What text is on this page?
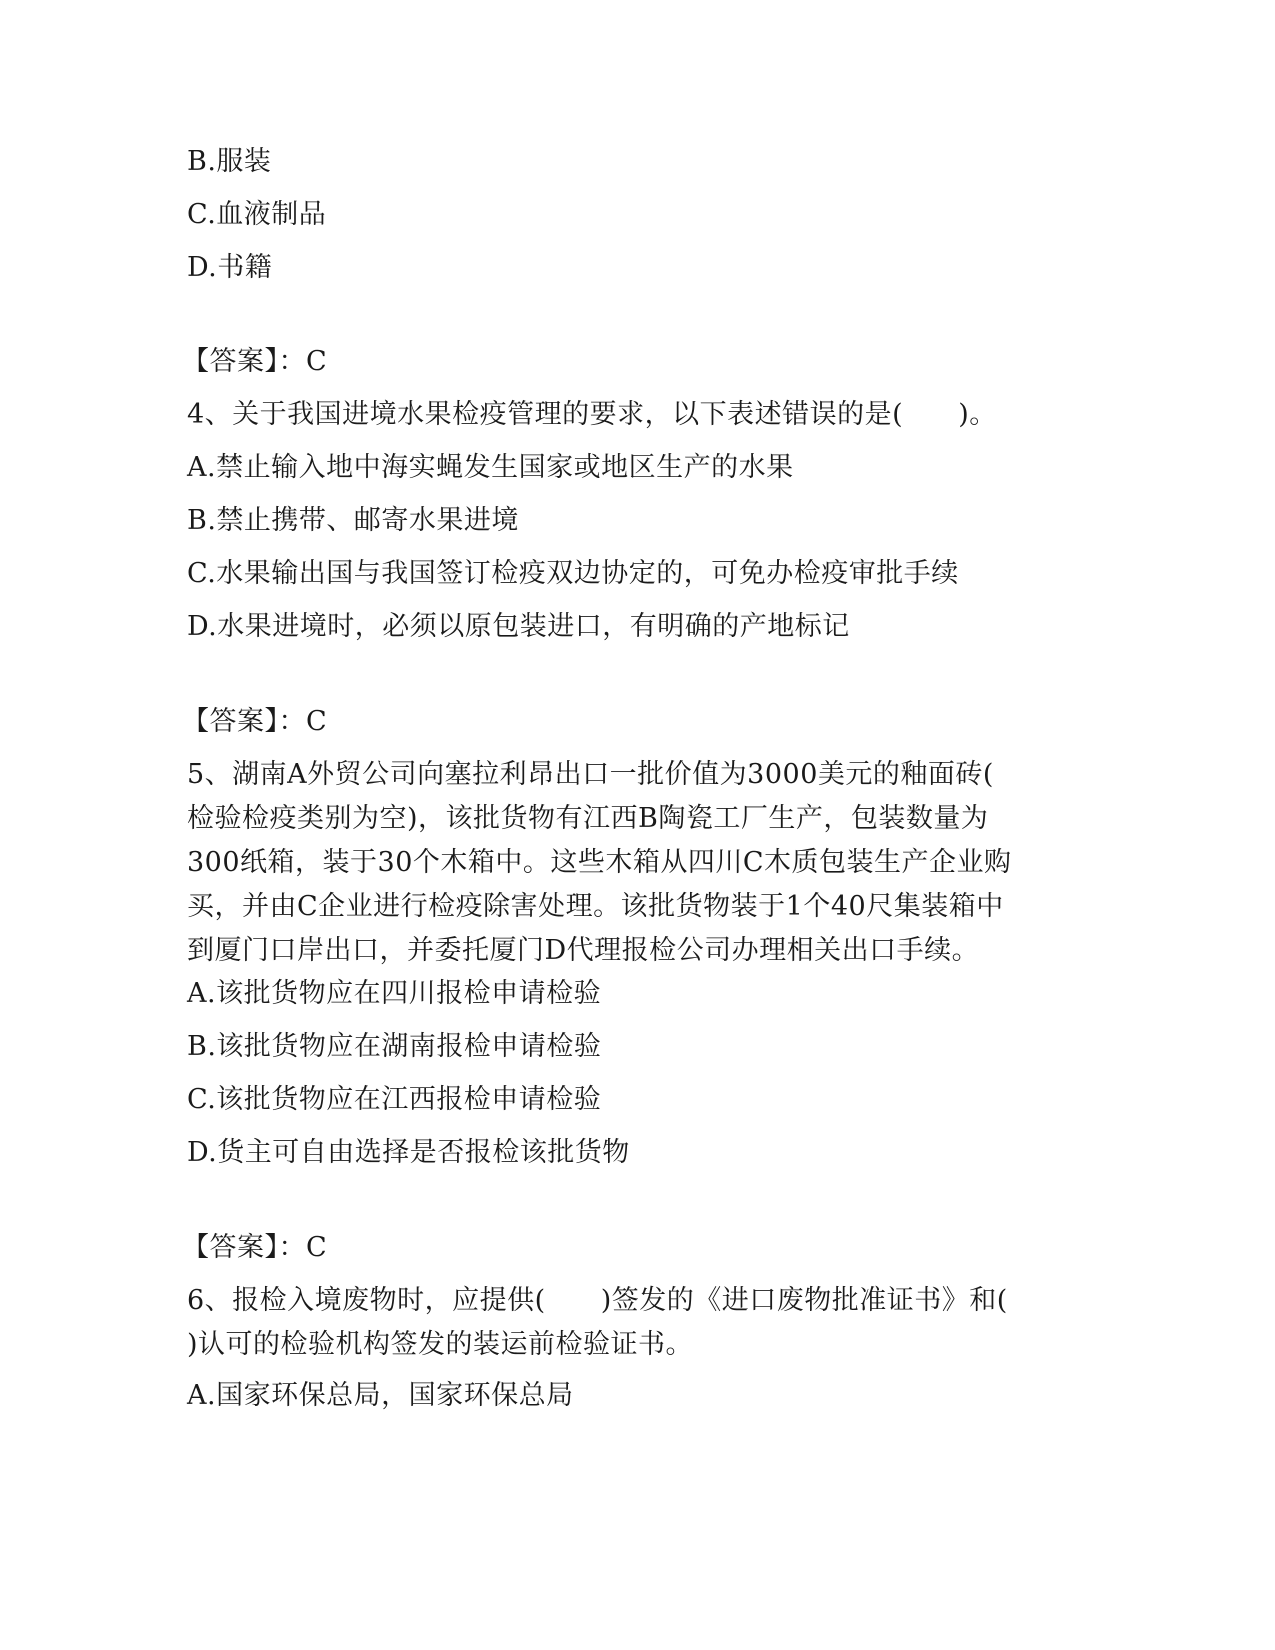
B.服装
C.血液制品
D.书籍
【答案】：C
4、关于我国进境水果检疫管理的要求，以下表述错误的是(　　)。
A.禁止输入地中海实蝇发生国家或地区生产的水果
B.禁止携带、邮寄水果进境
C.水果输出国与我国签订检疫双边协定的，可免办检疫审批手续
D.水果进境时，必须以原包装进口，有明确的产地标记
【答案】：C
5、湖南A外贸公司向塞拉利昂出口一批价值为3000美元的釉面砖(
检验检疫类别为空)，该批货物有江西B陶瓷工厂生产，包装数量为
300纸箱，装于30个木箱中。这些木箱从四川C木质包装生产企业购
买，并由C企业进行检疫除害处理。该批货物装于1个40尺集装箱中
到厦门口岸出口，并委托厦门D代理报检公司办理相关出口手续。
A.该批货物应在四川报检申请检验
B.该批货物应在湖南报检申请检验
C.该批货物应在江西报检申请检验
D.货主可自由选择是否报检该批货物
【答案】：C
6、报检入境废物时，应提供(　　)签发的《进口废物批准证书》和(
)认可的检验机构签发的装运前检验证书。
A.国家环保总局，国家环保总局
